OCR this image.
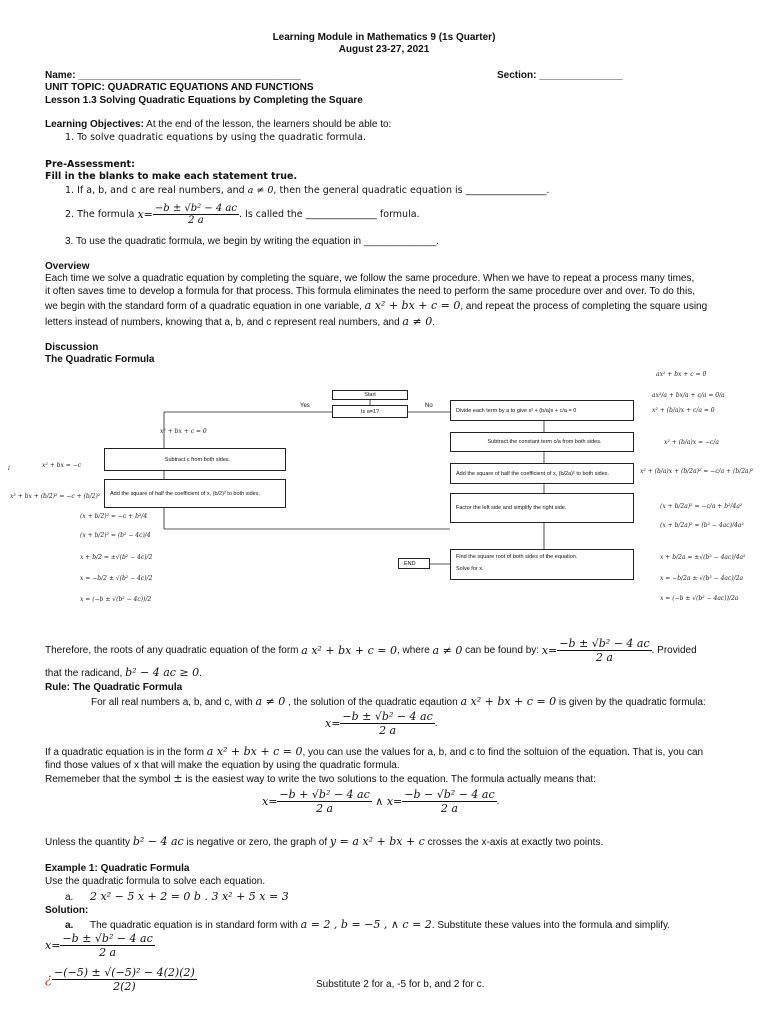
Learning Module in Mathematics 9 (1s Quarter)
August 23-27, 2021
Name: ________________________________________	Section: _______________
UNIT TOPIC: QUADRATIC EQUATIONS AND FUNCTIONS
Lesson 1.3 Solving Quadratic Equations by Completing the Square
Learning Objectives: At the end of the lesson, the learners should be able to:
1. To solve quadratic equations by using the quadratic formula.
Pre-Assessment:
Fill in the blanks to make each statement true.
1. If a, b, and c are real numbers, and a ≠ 0, then the general quadratic equation is _________________.
2. The formula $x= \frac{\text{−b ± √b² − 4 ac}}{2 a}$ . Is called the _______________ formula.
3. To use the quadratic formula, we begin by writing the equation in _____________.
Overview
Each time we solve a quadratic equation by completing the square, we follow the same procedure. When we have to repeat a process many times,
it often saves time to develop a formula for that process. This formula eliminates the need to perform the same procedure over and over. To do this,
we begin with the standard form of a quadratic equation in one variable, a x² + bx + c = 0, and repeat the process of completing the square using
letters instead of numbers, knowing that a, b, and c represent real numbers, and a ≠ 0.
Discussion
The Quadratic Formula
Start
Is a=1?
Yes	No
Subtract c from both sides.
Add the square of half the coefficient of x, (b/2)² to both sides.
Divide each term by a to give x² + (b/a)x + c/a = 0
Subtract the constant term c/a from both sides.
Add the square of half the coefficient of x, (b/2a)² to both sides.
Factor the left side and simplify the right side.
Find the square root of both sides of the equation.
Solve for x.
END
x² + bx + c = 0
i	x² + bx = −c
x² + bx + (b/2)² = −c + (b/2)²
(x + b/2)² = −c + b²/4
(x + b/2)² = (b² − 4c)/4
x + b/2 = ±√(b² − 4c)/2
x = −b/2 ± √(b² − 4c)/2
x = (−b ± √(b² − 4c))/2
ax² + bx + c = 0
ax²/a + bx/a + c/a = 0/a
x² + (b/a)x + c/a = 0
x² + (b/a)x = −c/a
x² + (b/a)x + (b/2a)² = −c/a + (b/2a)²
(x + b/2a)² = −c/a + b²/4a²
(x + b/2a)² = (b² − 4ac)/4a²
x + b/2a = ±√(b² − 4ac)/4a²
x = −b/2a ± √(b² − 4ac)/2a
x = (−b ± √(b² − 4ac))/2a
Therefore, the roots of any quadratic equation of the form a x² + bx + c = 0, where a ≠ 0 can be found by: $x= \frac{\text{−b ± √b² − 4 ac}}{2 a}$ . Provided
that the radicand, b² − 4 ac ≥ 0.
Rule: The Quadratic Formula
For all real numbers a, b, and c, with a ≠ 0 , the solution of the quadratic eqaution a x² + bx + c = 0 is given by the quadratic formula:
$x= \frac{\text{−b ± √b² − 4 ac}}{2 a}$ .
If a quadratic equation is in the form a x² + bx + c = 0, you can use the values for a, b, and c to find the soltuion of the equation. That is, you can
find those values of x that will make the equation by using the quadratic formula.
Rememeber that the symbol ± is the easiest way to write the two solutions to the equation. The formula actually means that:
$x= \frac{\text{−b + √b² − 4 ac}}{2 a}$ ∧ $x= \frac{\text{−b − √b² − 4 ac}}{2 a}$ .
Unless the quantity b² − 4 ac is negative or zero, the graph of y = a x² + bx + c crosses the x-axis at exactly two points.
Example 1: Quadratic Formula
Use the quadratic formula to solve each equation.
a. 2 x² − 5 x + 2 = 0 b . 3 x² + 5 x = 3
Solution:
a. The quadratic equation is in standard form with a = 2 , b = −5 , ∧ c = 2. Substitute these values into the formula and simplify.
$x= \frac{\text{−b ± √b² − 4 ac}}{2 a}$
¿ $\frac{\text{−(−5) ± √(−5)² − 4(2)(2)}}{2(2)}$	Substitute 2 for a, -5 for b, and 2 for c.
